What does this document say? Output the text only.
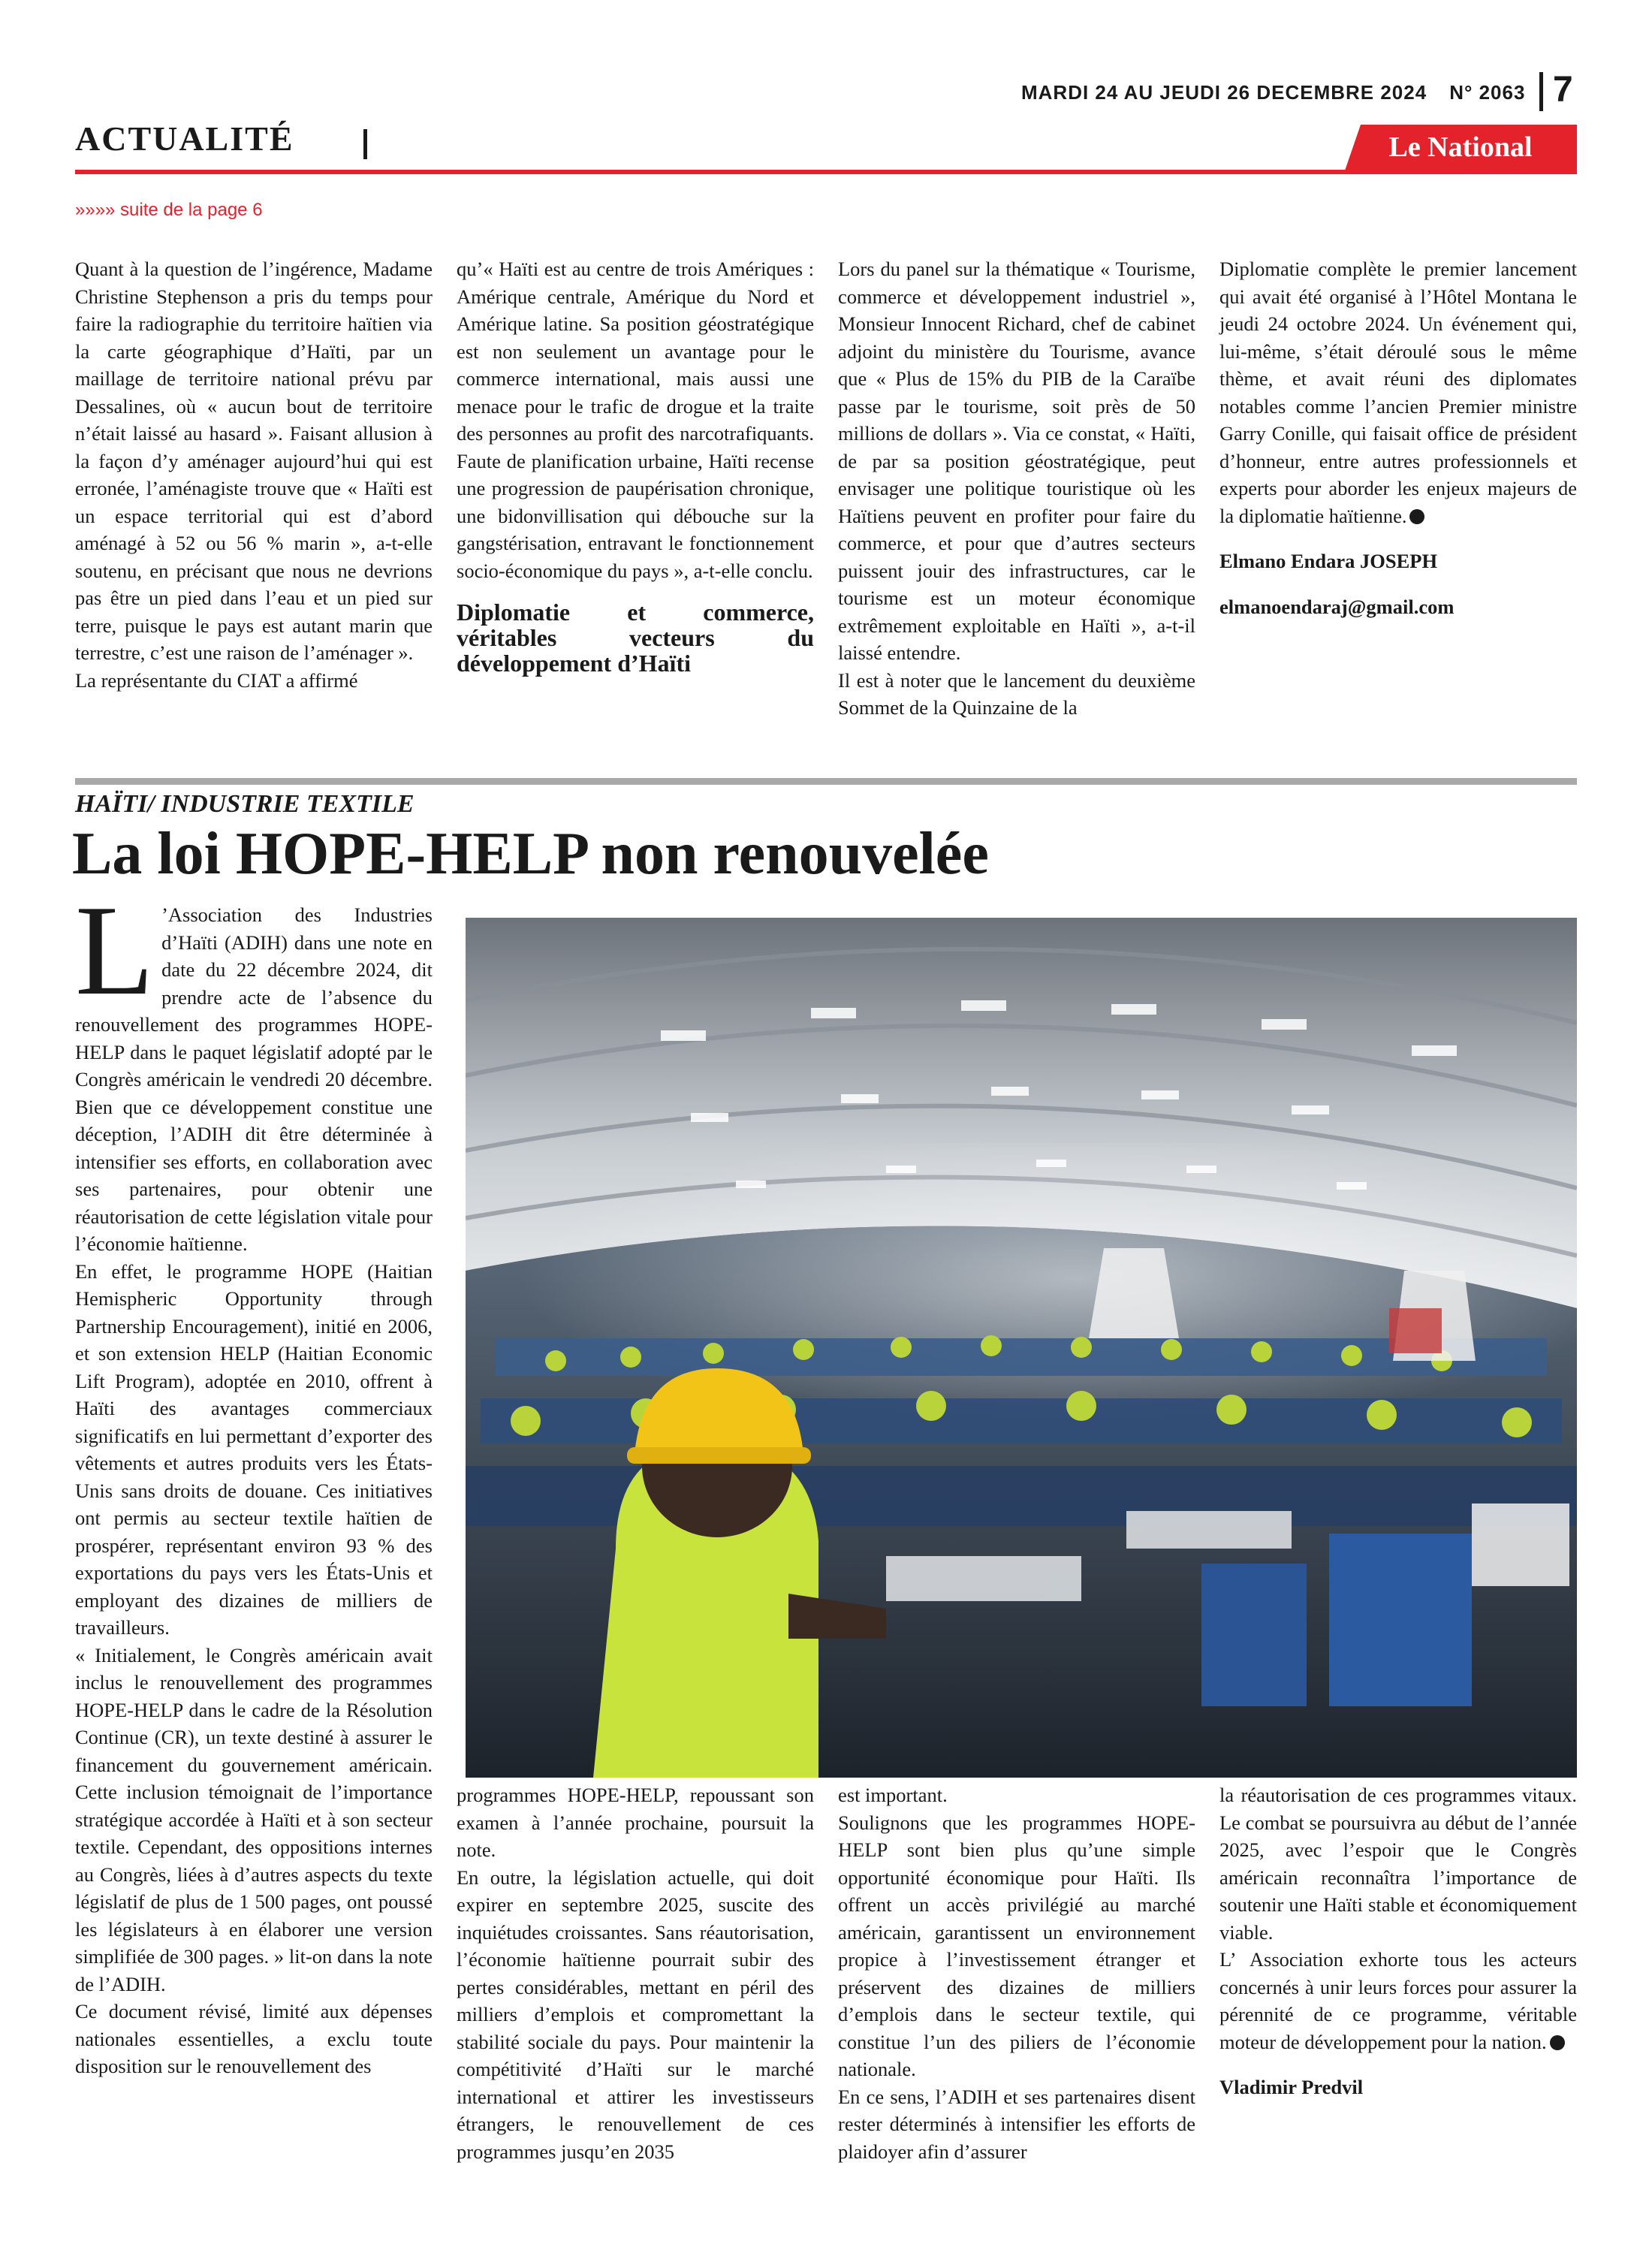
MARDI 24 AU JEUDI 26 DECEMBRE 2024 N° 2063 7
ACTUALITÉ	Le National
»»»» suite de la page 6

Quant à la question de l’ingérence, Madame Christine Stephenson a pris du temps pour faire la radiographie du territoire haïtien via la carte géographique d’Haïti, par un maillage de territoire national prévu par Dessalines, où « aucun bout de territoire n’était laissé au hasard ». Faisant allusion à la façon d’y aménager aujourd’hui qui est erronée, l’aménagiste trouve que « Haïti est un espace territorial qui est d’abord aménagé à 52 ou 56 % marin », a-t-elle soutenu, en précisant que nous ne devrions pas être un pied dans l’eau et un pied sur terre, puisque le pays est autant marin que terrestre, c’est une raison de l’aménager ».

La représentante du CIAT a affirmé

qu’« Haïti est au centre de trois Amériques : Amérique centrale, Amérique du Nord et Amérique latine. Sa position géostratégique est non seulement un avantage pour le commerce international, mais aussi une menace pour le trafic de drogue et la traite des personnes au profit des narcotrafiquants. Faute de planification urbaine, Haïti recense une progression de paupérisation chronique, une bidonvillisation qui débouche sur la gangstérisation, entravant le fonctionnement socio-économique du pays », a-t-elle conclu.

Diplomatie et commerce, véritables vecteurs du développement d’Haïti

Lors du panel sur la thématique « Tourisme, commerce et développement industriel », Monsieur Innocent Richard, chef de cabinet adjoint du ministère du Tourisme, avance que « Plus de 15% du PIB de la Caraïbe passe par le tourisme, soit près de 50 millions de dollars ». Via ce constat, « Haïti, de par sa position géostratégique, peut envisager une politique touristique où les Haïtiens peuvent en profiter pour faire du commerce, et pour que d’autres secteurs puissent jouir des infrastructures, car le tourisme est un moteur économique extrêmement exploitable en Haïti », a-t-il laissé entendre.

Il est à noter que le lancement du deuxième Sommet de la Quinzaine de la

Diplomatie complète le premier lancement qui avait été organisé à l’Hôtel Montana le jeudi 24 octobre 2024. Un événement qui, lui-même, s’était déroulé sous le même thème, et avait réuni des diplomates notables comme l’ancien Premier ministre Garry Conille, qui faisait office de président d’honneur, entre autres professionnels et experts pour aborder les enjeux majeurs de la diplomatie haïtienne.

Elmano Endara JOSEPH
elmanoendaraj@gmail.com
HAÏTI/ INDUSTRIE TEXTILE
La loi HOPE-HELP non renouvelée

L ’Association des Industries d’Haïti (ADIH) dans une note en date du 22 décembre 2024, dit prendre acte de l’absence du renouvellement des programmes HOPE-HELP dans le paquet législatif adopté par le Congrès américain le vendredi 20 décembre. Bien que ce développement constitue une déception, l’ADIH dit être déterminée à intensifier ses efforts, en collaboration avec ses partenaires, pour obtenir une réautorisation de cette législation vitale pour l’économie haïtienne.

En effet, le programme HOPE (Haitian Hemispheric Opportunity through Partnership Encouragement), initié en 2006, et son extension HELP (Haitian Economic Lift Program), adoptée en 2010, offrent à Haïti des avantages commerciaux significatifs en lui permettant d’exporter des vêtements et autres produits vers les États-Unis sans droits de douane. Ces initiatives ont permis au secteur textile haïtien de prospérer, représentant environ 93 % des exportations du pays vers les États-Unis et employant des dizaines de milliers de travailleurs.

« Initialement, le Congrès américain avait inclus le renouvellement des programmes HOPE-HELP dans le cadre de la Résolution Continue (CR), un texte destiné à assurer le financement du gouvernement américain. Cette inclusion témoignait de l’importance stratégique accordée à Haïti et à son secteur textile. Cependant, des oppositions internes au Congrès, liées à d’autres aspects du texte législatif de plus de 1 500 pages, ont poussé les législateurs à en élaborer une version simplifiée de 300 pages. » lit-on dans la note de l’ADIH.

Ce document révisé, limité aux dépenses nationales essentielles, a exclu toute disposition sur le renouvellement des

programmes HOPE-HELP, repoussant son examen à l’année prochaine, poursuit la note.

En outre, la législation actuelle, qui doit expirer en septembre 2025, suscite des inquiétudes croissantes. Sans réautorisation, l’économie haïtienne pourrait subir des pertes considérables, mettant en péril des milliers d’emplois et compromettant la stabilité sociale du pays. Pour maintenir la compétitivité d’Haïti sur le marché international et attirer les investisseurs étrangers, le renouvellement de ces programmes jusqu’en 2035

est important.

Soulignons que les programmes HOPE-HELP sont bien plus qu’une simple opportunité économique pour Haïti. Ils offrent un accès privilégié au marché américain, garantissent un environnement propice à l’investissement étranger et préservent des dizaines de milliers d’emplois dans le secteur textile, qui constitue l’un des piliers de l’économie nationale.

En ce sens, l’ADIH et ses partenaires disent rester déterminés à intensifier les efforts de plaidoyer afin d’assurer

la réautorisation de ces programmes vitaux. Le combat se poursuivra au début de l’année 2025, avec l’espoir que le Congrès américain reconnaîtra l’importance de soutenir une Haïti stable et économiquement viable.

L’ Association exhorte tous les acteurs concernés à unir leurs forces pour assurer la pérennité de ce programme, véritable moteur de développement pour la nation.

Vladimir Predvil
